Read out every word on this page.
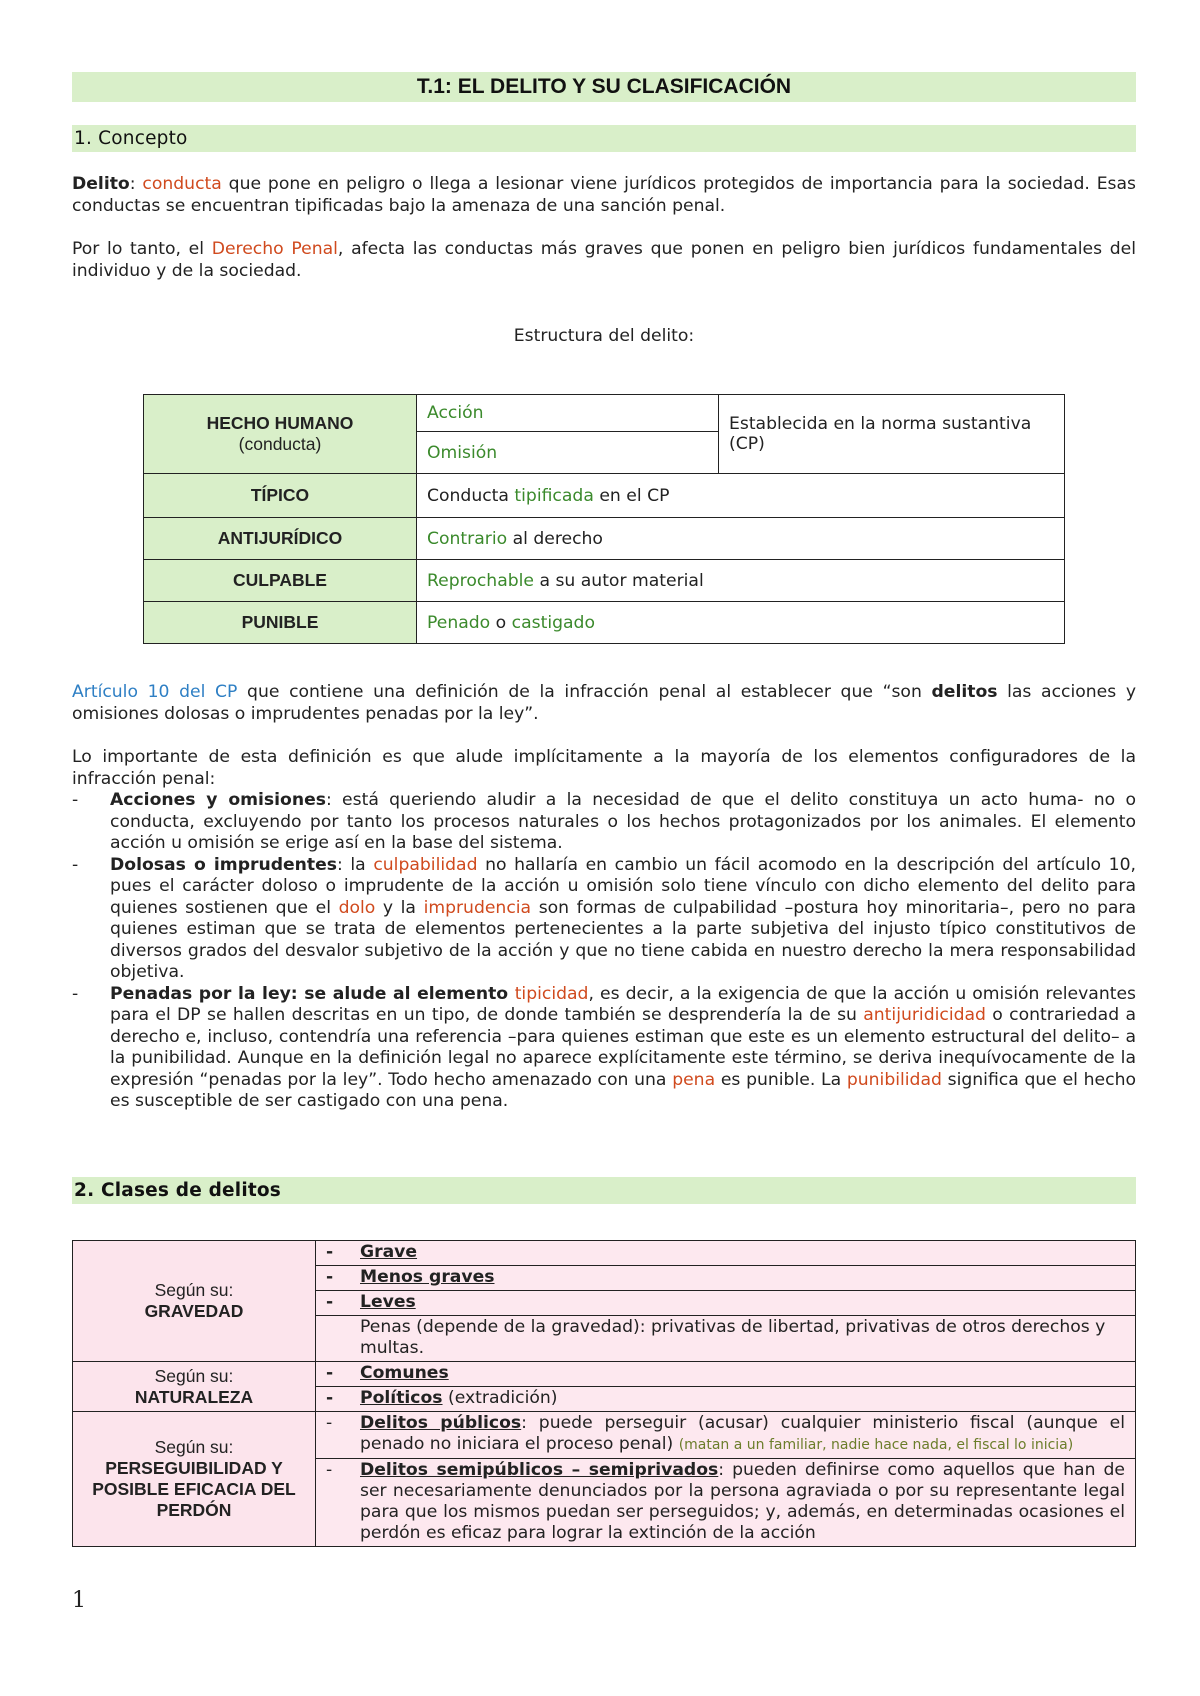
T.1: EL DELITO Y SU CLASIFICACIÓN
1. Concepto

Delito: conducta que pone en peligro o llega a lesionar viene jurídicos protegidos de importancia para la sociedad. Esas conductas se encuentran tipificadas bajo la amenaza de una sanción penal.

Por lo tanto, el Derecho Penal, afecta las conductas más graves que ponen en peligro bien jurídicos fundamentales del individuo y de la sociedad.

Estructura del delito:
HECHO HUMANO
(conducta)	Acción	Establecida en la norma sustantiva (CP)
	Omisión	
TÍPICO	Conducta tipificada en el CP	
ANTIJURÍDICO	Contrario al derecho	
CULPABLE	Reprochable a su autor material	
PUNIBLE	Penado o castigado	

Artículo 10 del CP que contiene una definición de la infracción penal al establecer que “son delitos las acciones y omisiones dolosas o imprudentes penadas por la ley”.

Lo importante de esta definición es que alude implícitamente a la mayoría de los elementos configuradores de la infracción penal:

-	Acciones y omisiones: está queriendo aludir a la necesidad de que el delito constituya un acto huma- no o conducta, excluyendo por tanto los procesos naturales o los hechos protagonizados por los animales. El elemento acción u omisión se erige así en la base del sistema.
-	Dolosas o imprudentes: la culpabilidad no hallaría en cambio un fácil acomodo en la descripción del artículo 10, pues el carácter doloso o imprudente de la acción u omisión solo tiene vínculo con dicho elemento del delito para quienes sostienen que el dolo y la imprudencia son formas de culpabilidad –postura hoy minoritaria–, pero no para quienes estiman que se trata de elementos pertenecientes a la parte subjetiva del injusto típico constitutivos de diversos grados del desvalor subjetivo de la acción y que no tiene cabida en nuestro derecho la mera responsabilidad objetiva.
-	Penadas por la ley: se alude al elemento tipicidad, es decir, a la exigencia de que la acción u omisión relevantes para el DP se hallen descritas en un tipo, de donde también se desprendería la de su antijuridicidad o contrariedad a derecho e, incluso, contendría una referencia –para quienes estiman que este es un elemento estructural del delito– a la punibilidad. Aunque en la definición legal no aparece explícitamente este término, se deriva inequívocamente de la expresión “penadas por la ley”. Todo hecho amenazado con una pena es punible. La punibilidad significa que el hecho es susceptible de ser castigado con una pena.
2. Clases de delitos
Según su:
GRAVEDAD	- Grave

	- Menos graves

	- Leves

	Penas (depende de la gravedad): privativas de libertad, privativas de otros derechos y multas.

Según su:
NATURALEZA	- Comunes

	- Políticos (extradición)

Según su:
PERSEGUIBILIDAD Y POSIBLE EFICACIA DEL PERDÓN	- Delitos públicos: puede perseguir (acusar) cualquier ministerio fiscal (aunque el penado no iniciara el proceso penal) (matan a un familiar, nadie hace nada, el fiscal lo inicia)

	- Delitos semipúblicos – semiprivados: pueden definirse como aquellos que han de ser necesariamente denunciados por la persona agraviada o por su representante legal para que los mismos puedan ser perseguidos; y, además, en determinadas ocasiones el perdón es eficaz para lograr la extinción de la acción
1
